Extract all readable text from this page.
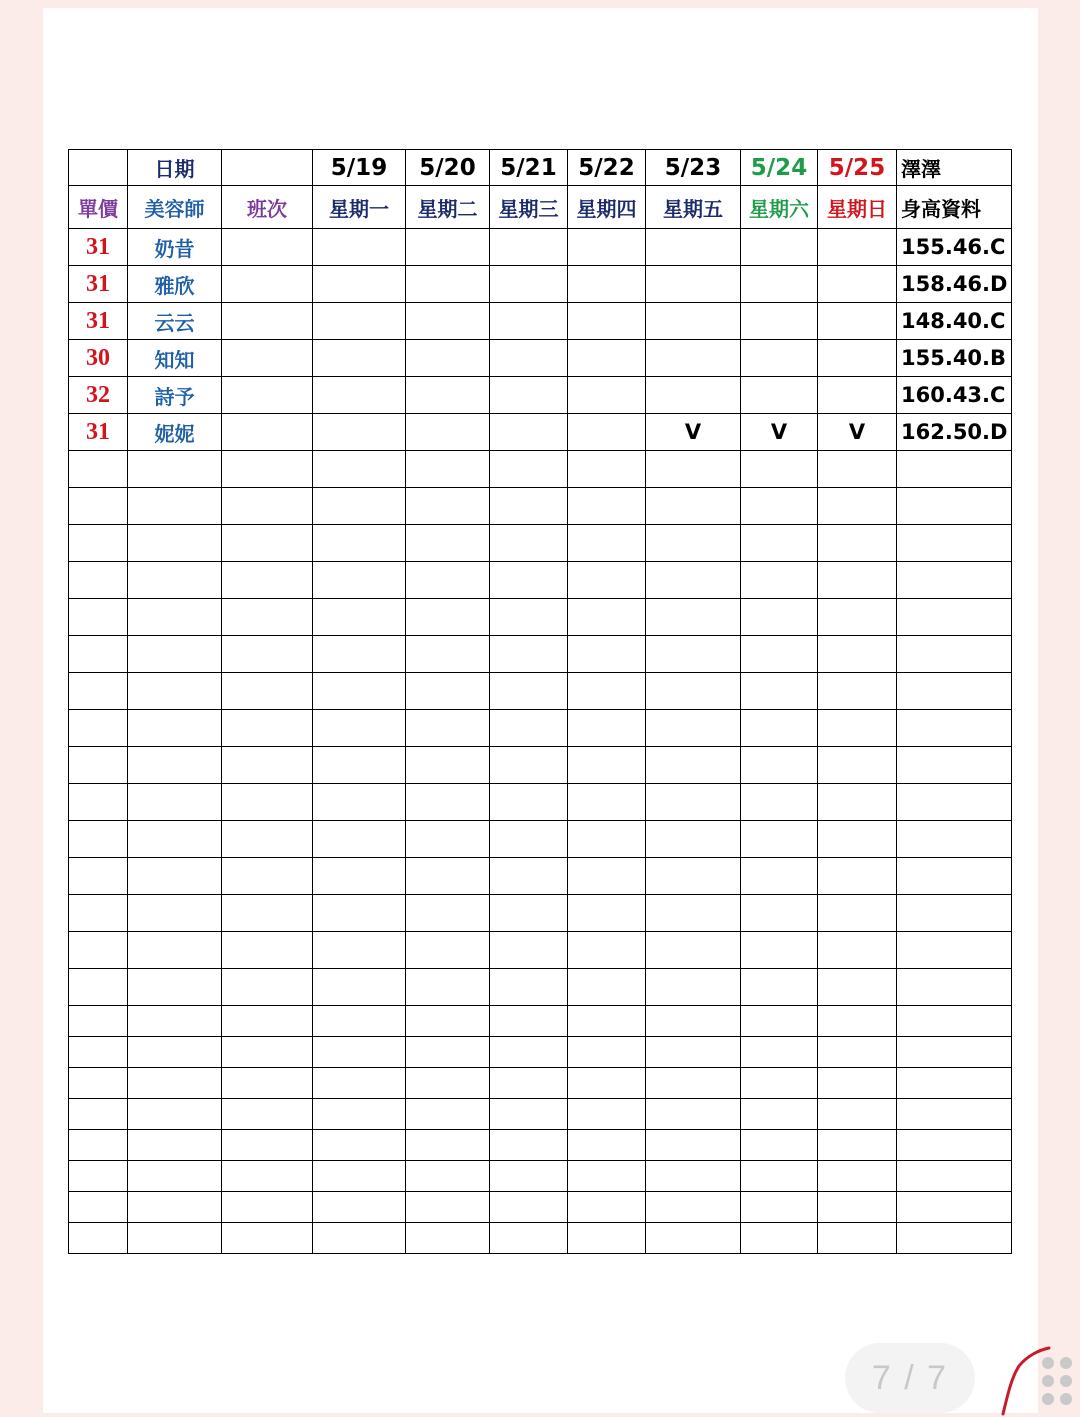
	日期		5/19	5/20	5/21	5/22	5/23	5/24	5/25	澤澤
單價	美容師	班次	星期一	星期二	星期三	星期四	星期五	星期六	星期日	身高資料
31	奶昔									155.46.C
31	雅欣									158.46.D
31	云云									148.40.C
30	知知									155.40.B
32	詩予									160.43.C
31	妮妮						V	V	V	162.50.D

7 / 7
